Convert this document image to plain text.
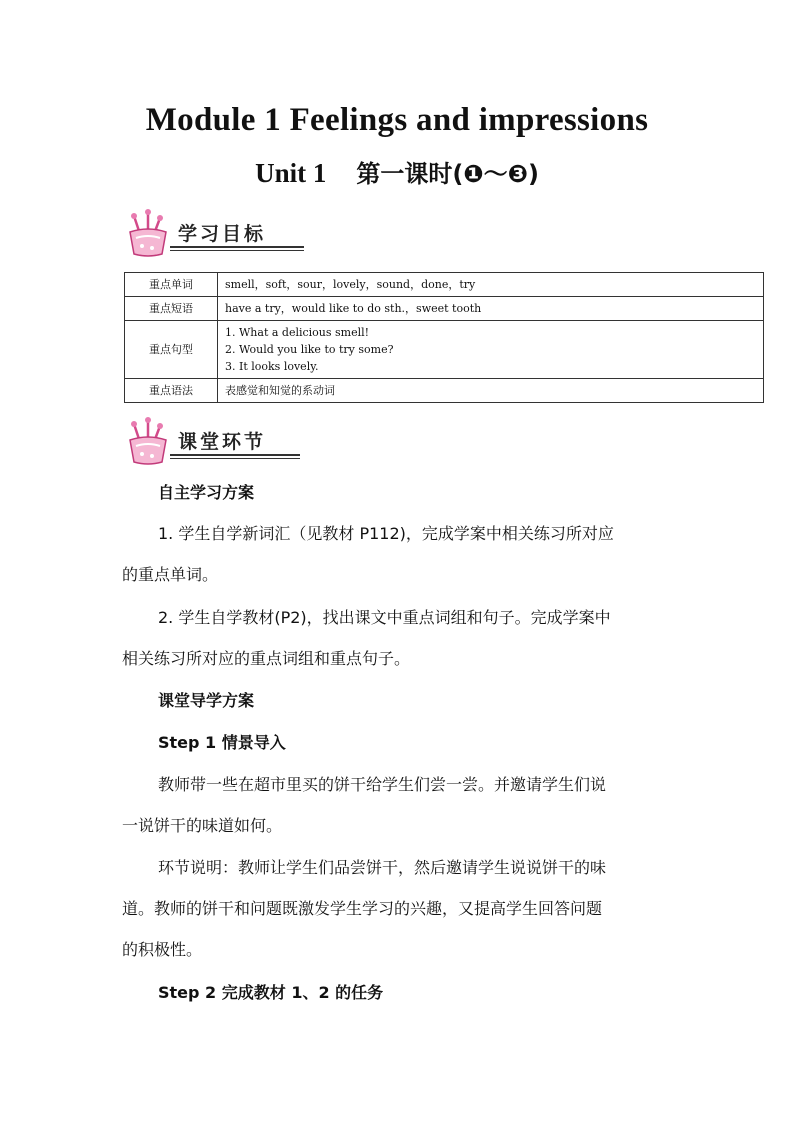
Module 1 Feelings and impressions
Unit 1 第一课时(❶～❸)
学习目标
重点单词	smell，soft，sour，lovely，sound，done，try
重点短语	have a try，would like to do sth.，sweet tooth
重点句型	1. What a delicious smell!
2. Would you like to try some?
3. It looks lovely.

重点语法	表感觉和知觉的系动词
课堂环节

自主学习方案

1. 学生自学新词汇（见教材 P112)，完成学案中相关练习所对应

的重点单词。

2. 学生自学教材(P2)，找出课文中重点词组和句子。完成学案中

相关练习所对应的重点词组和重点句子。

课堂导学方案

Step 1 情景导入

教师带一些在超市里买的饼干给学生们尝一尝。并邀请学生们说

一说饼干的味道如何。

环节说明：教师让学生们品尝饼干，然后邀请学生说说饼干的味

道。教师的饼干和问题既激发学生学习的兴趣，又提高学生回答问题

的积极性。

Step 2 完成教材 1、2 的任务
